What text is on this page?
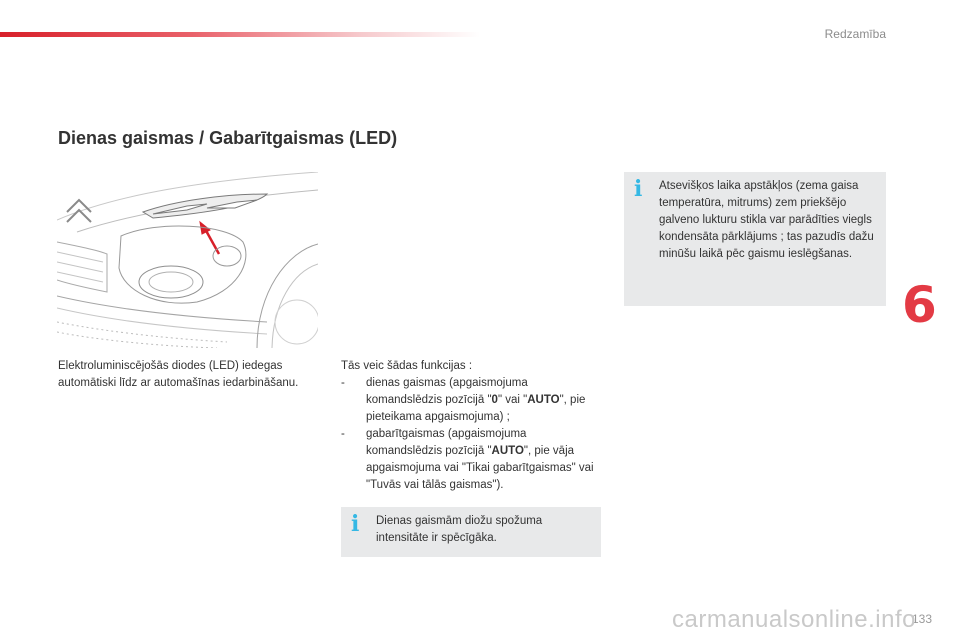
Redzamība
Dienas gaismas / Gabarītgaismas (LED)
Elektroluminiscējošās diodes (LED) iedegas automātiski līdz ar automašīnas iedarbināšanu.
Tās veic šādas funkcijas :
- dienas gaismas (apgaismojuma komandslēdzis pozīcijā "0" vai "AUTO", pie pieteikama apgaismojuma) ;
- gabarītgaismas (apgaismojuma komandslēdzis pozīcijā "AUTO", pie vāja apgaismojuma vai "Tikai gabarītgaismas" vai "Tuvās vai tālās gaismas").
i Atsevišķos laika apstākļos (zema gaisa temperatūra, mitrums) zem priekšējo galveno lukturu stikla var parādīties viegls kondensāta pārklājums ; tas pazudīs dažu minūšu laikā pēc gaismu ieslēgšanas.
i Dienas gaismām diožu spožuma intensitāte ir spēcīgāka.
6
133
carmanualsonline.info
